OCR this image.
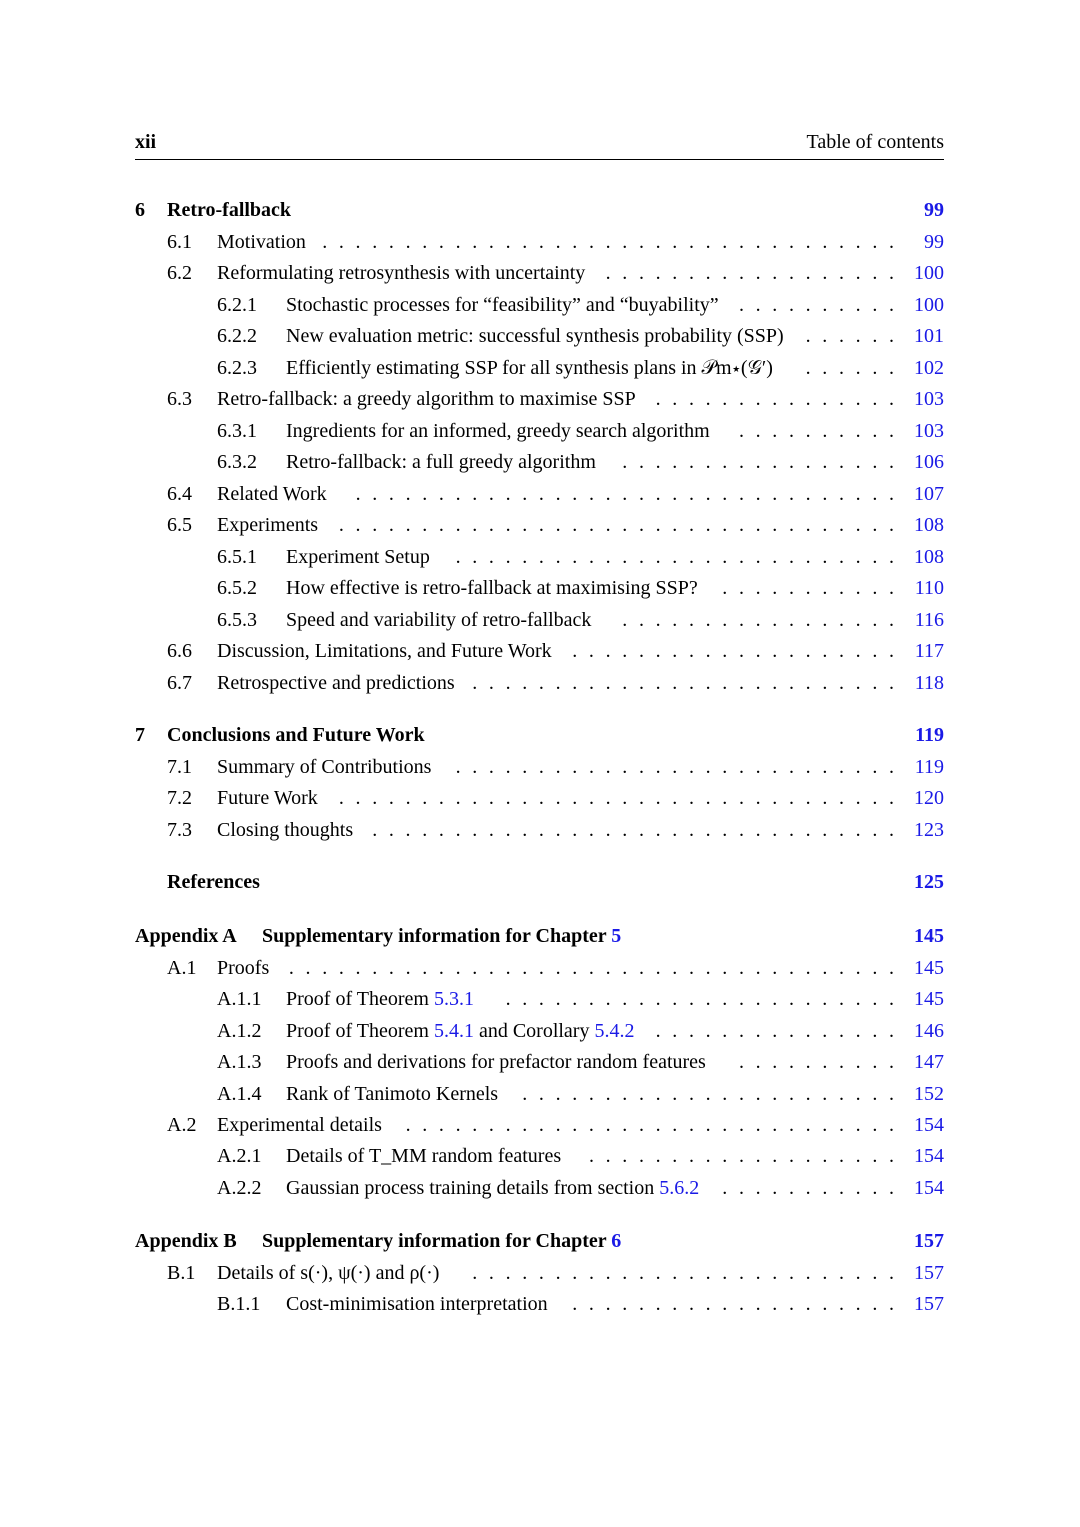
xii	Table of contents
6 Retro-fallback	99
6.1 Motivation	99
.  .  .  .  .  .  .  .  .  .  .  .  .  .  .  .  .  .  .  .  .  .  .  .  .  .  .  .  .  .  .  .  .  .  .
6.2 Reformulating retrosynthesis with uncertainty	100
.  .  .  .  .  .  .  .  .  .  .  .  .  .  .  .  .  .
6.2.1 Stochastic processes for “feasibility” and “buyability”	100
.  .  .  .  .  .  .  .  .  .
6.2.2 New evaluation metric: successful synthesis probability (SSP)	101
.  .  .  .  .  .
6.2.3 Efficiently estimating SSP for all synthesis plans in 𝒫m⋆(𝒢′)	102
.  .  .  .  .  .
6.3 Retro-fallback: a greedy algorithm to maximise SSP	103
.  .  .  .  .  .  .  .  .  .  .  .  .  .  .
6.3.1 Ingredients for an informed, greedy search algorithm	103
.  .  .  .  .  .  .  .  .  .
6.3.2 Retro-fallback: a full greedy algorithm	106
.  .  .  .  .  .  .  .  .  .  .  .  .  .  .  .  .
6.4 Related Work	107
.  .  .  .  .  .  .  .  .  .  .  .  .  .  .  .  .  .  .  .  .  .  .  .  .  .  .  .  .  .  .  .  .
6.5 Experiments	108
.  .  .  .  .  .  .  .  .  .  .  .  .  .  .  .  .  .  .  .  .  .  .  .  .  .  .  .  .  .  .  .  .  .
6.5.1 Experiment Setup	108
.  .  .  .  .  .  .  .  .  .  .  .  .  .  .  .  .  .  .  .  .  .  .  .  .  .  .
6.5.2 How effective is retro-fallback at maximising SSP?	110
.  .  .  .  .  .  .  .  .  .  .
6.5.3 Speed and variability of retro-fallback	116
.  .  .  .  .  .  .  .  .  .  .  .  .  .  .  .  .
6.6 Discussion, Limitations, and Future Work	117
.  .  .  .  .  .  .  .  .  .  .  .  .  .  .  .  .  .  .  .
6.7 Retrospective and predictions	118
.  .  .  .  .  .  .  .  .  .  .  .  .  .  .  .  .  .  .  .  .  .  .  .  .  .
7 Conclusions and Future Work	119
7.1 Summary of Contributions	119
.  .  .  .  .  .  .  .  .  .  .  .  .  .  .  .  .  .  .  .  .  .  .  .  .  .  .
7.2 Future Work	120
.  .  .  .  .  .  .  .  .  .  .  .  .  .  .  .  .  .  .  .  .  .  .  .  .  .  .  .  .  .  .  .  .  .
7.3 Closing thoughts	123
.  .  .  .  .  .  .  .  .  .  .  .  .  .  .  .  .  .  .  .  .  .  .  .  .  .  .  .  .  .  .  .
References	125
Appendix A Supplementary information for Chapter 5	145
A.1 Proofs	145
.  .  .  .  .  .  .  .  .  .  .  .  .  .  .  .  .  .  .  .  .  .  .  .  .  .  .  .  .  .  .  .  .  .  .  .  .
A.1.1 Proof of Theorem 5.3.1	145
.  .  .  .  .  .  .  .  .  .  .  .  .  .  .  .  .  .  .  .  .  .  .  .
A.1.2 Proof of Theorem 5.4.1 and Corollary 5.4.2	146
.  .  .  .  .  .  .  .  .  .  .  .  .  .  .
A.1.3 Proofs and derivations for prefactor random features	147
.  .  .  .  .  .  .  .  .  .
A.1.4 Rank of Tanimoto Kernels	152
.  .  .  .  .  .  .  .  .  .  .  .  .  .  .  .  .  .  .  .  .  .  .
A.2 Experimental details	154
.  .  .  .  .  .  .  .  .  .  .  .  .  .  .  .  .  .  .  .  .  .  .  .  .  .  .  .  .  .
A.2.1 Details of T_MM random features	154
.  .  .  .  .  .  .  .  .  .  .  .  .  .  .  .  .  .  .
A.2.2 Gaussian process training details from section 5.6.2	154
.  .  .  .  .  .  .  .  .  .  .
Appendix B Supplementary information for Chapter 6	157
B.1 Details of s(·), ψ(·) and ρ(·)	157
.  .  .  .  .  .  .  .  .  .  .  .  .  .  .  .  .  .  .  .  .  .  .  .  .  .
B.1.1 Cost-minimisation interpretation	157
.  .  .  .  .  .  .  .  .  .  .  .  .  .  .  .  .  .  .  .
